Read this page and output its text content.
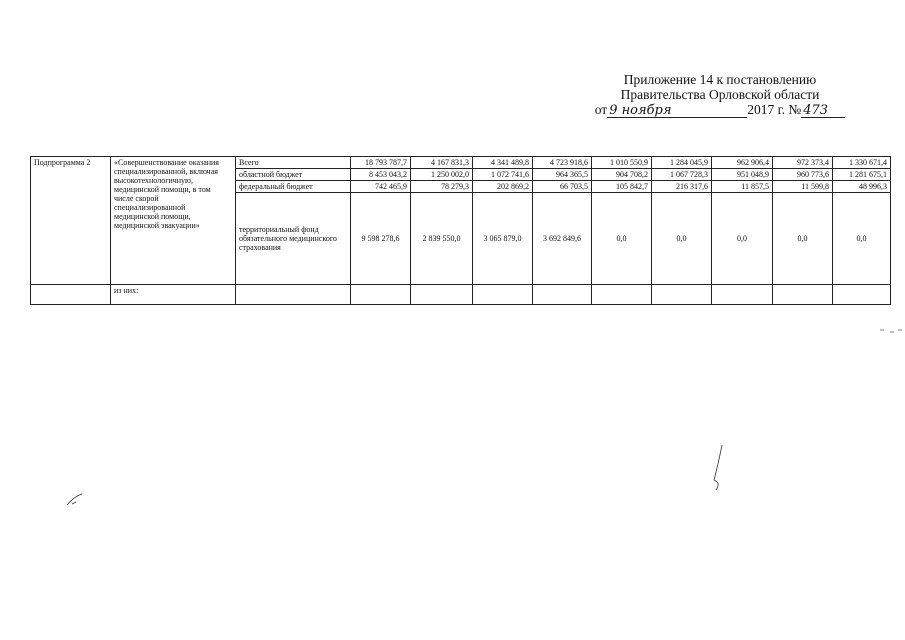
Приложение 14 к постановлению
Правительства Орловской области
от 9 ноября	2017 г. № 473
Подпрограмма 2	«Совершенствование оказания специализированной, включая высокотехнологичную, медицинской помощи, в том числе скорой специализированной медицинской помощи, медицинской эвакуации»	Всего	18 793 787,7	4 167 831,3	4 341 489,8	4 723 918,6	1 010 550,9	1 284 045,9	962 906,4	972 373,4	1 330 671,4
		областной бюджет	8 453 043,2	1 250 002,0	1 072 741,6	964 365,5	904 708,2	1 067 728,3	951 048,9	960 773,6	1 281 675,1
		федеральный бюджет	742 465,9	78 279,3	202 869,2	66 703,5	105 842,7	216 317,6	11 857,5	11 599,8	48 996,3
		территориальный фонд обязательного медицинского страхования	9 598 278,6	2 839 550,0	3 065 879,0	3 692 849,6	0,0	0,0	0,0	0,0	0,0
	из них:										
